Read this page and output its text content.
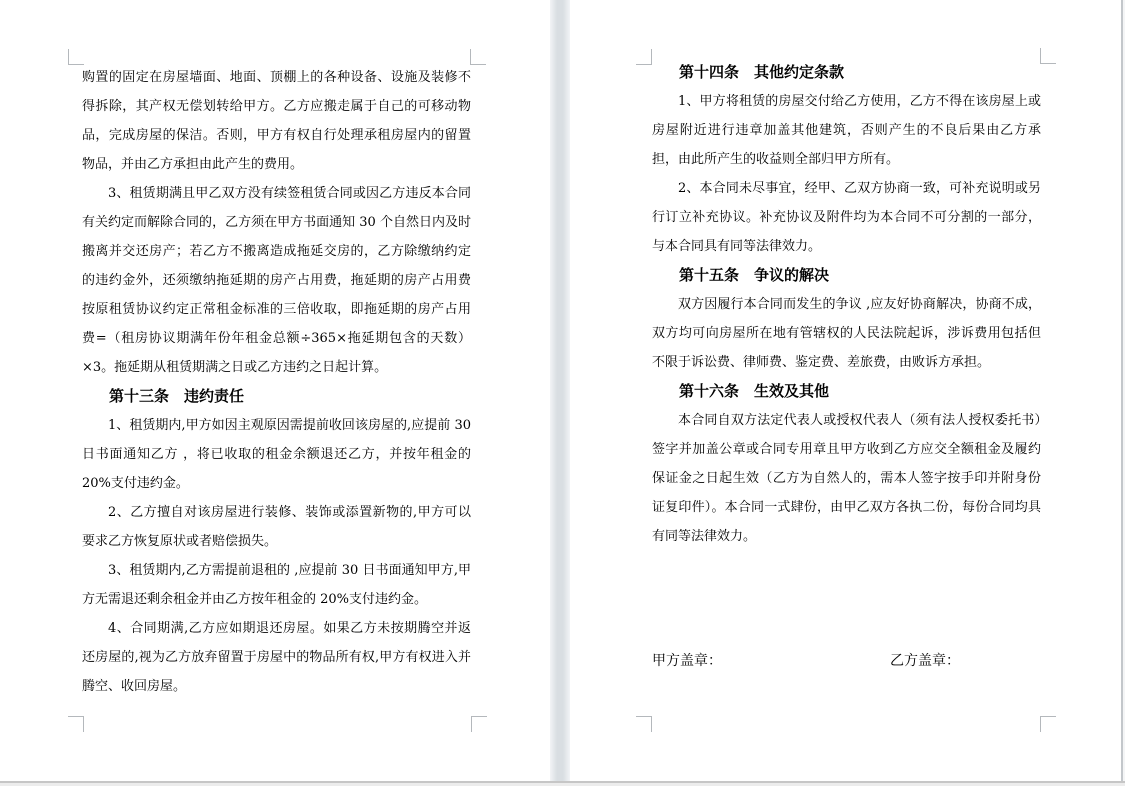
购置的固定在房屋墙面、地面、顶棚上的各种设备、设施及装修不得拆除，其产权无偿划转给甲方。乙方应搬走属于自己的可移动物品，完成房屋的保洁。否则，甲方有权自行处理承租房屋内的留置物品，并由乙方承担由此产生的费用。
3、租赁期满且甲乙双方没有续签租赁合同或因乙方违反本合同有关约定而解除合同的，乙方须在甲方书面通知 30 个自然日内及时搬离并交还房产；若乙方不搬离造成拖延交房的，乙方除缴纳约定的违约金外，还须缴纳拖延期的房产占用费，拖延期的房产占用费按原租赁协议约定正常租金标准的三倍收取，即拖延期的房产占用费=（租房协议期满年份年租金总额÷365×拖延期包含的天数）×3。拖延期从租赁期满之日或乙方违约之日起计算。
第十三条　违约责任
1、租赁期内,甲方如因主观原因需提前收回该房屋的,应提前 30 日书面通知乙方 ，将已收取的租金余额退还乙方，并按年租金的 20%支付违约金。
2、乙方擅自对该房屋进行装修、装饰或添置新物的,甲方可以要求乙方恢复原状或者赔偿损失。
3、租赁期内,乙方需提前退租的 ,应提前 30 日书面通知甲方,甲方无需退还剩余租金并由乙方按年租金的 20%支付违约金。
4、合同期满,乙方应如期退还房屋。如果乙方未按期腾空并返还房屋的,视为乙方放弃留置于房屋中的物品所有权,甲方有权进入并腾空、收回房屋。
第十四条　其他约定条款
1、甲方将租赁的房屋交付给乙方使用，乙方不得在该房屋上或房屋附近进行违章加盖其他建筑，否则产生的不良后果由乙方承担，由此所产生的收益则全部归甲方所有。
2、本合同未尽事宜，经甲、乙双方协商一致，可补充说明或另行订立补充协议。补充协议及附件均为本合同不可分割的一部分，与本合同具有同等法律效力。
第十五条　争议的解决
双方因履行本合同而发生的争议 ,应友好协商解决，协商不成，双方均可向房屋所在地有管辖权的人民法院起诉，涉诉费用包括但不限于诉讼费、律师费、鉴定费、差旅费，由败诉方承担。
第十六条　生效及其他
本合同自双方法定代表人或授权代表人（须有法人授权委托书）签字并加盖公章或合同专用章且甲方收到乙方应交全额租金及履约保证金之日起生效（乙方为自然人的，需本人签字按手印并附身份证复印件）。本合同一式肆份，由甲乙双方各执二份，每份合同均具有同等法律效力。
甲方盖章：	乙方盖章：
